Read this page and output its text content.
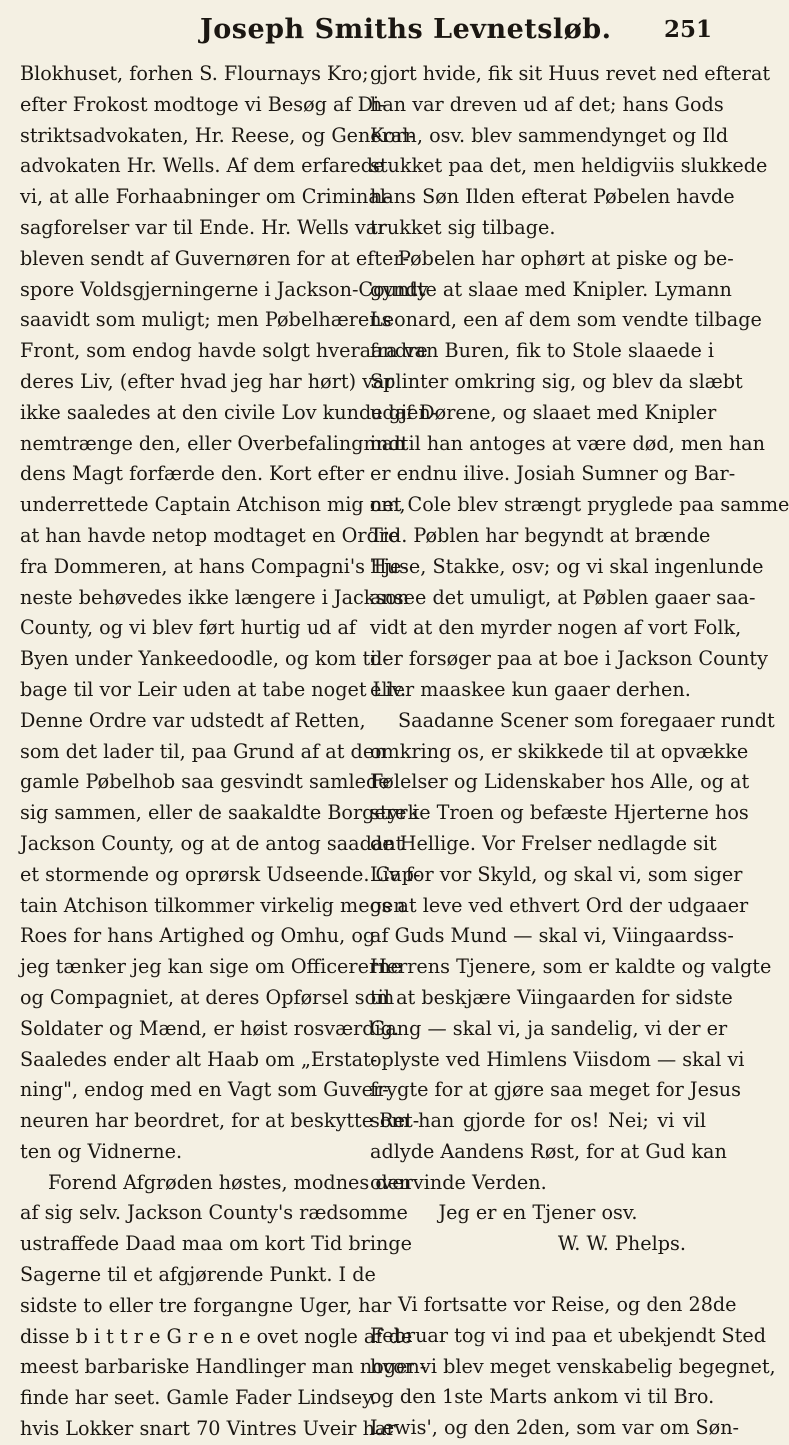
Joseph Smiths Levnetsløb. 251
Blokhuset, forhen S. Flournays Kro;
efter Frokost modtoge vi Besøg af Di-
striktsadvokaten, Hr. Reese, og General-
advokaten Hr. Wells. Af dem erfarede
vi, at alle Forhaabninger om Criminal-
sagforelser var til Ende. Hr. Wells var
bleven sendt af Guvernøren for at efter-
spore Voldsgjerningerne i Jackson-County
saavidt som muligt; men Pøbelhærens
Front, som endog havde solgt hveraandre
deres Liv, (efter hvad jeg har hørt) var
ikke saaledes at den civile Lov kunde gjen-
nemtrænge den, eller Overbefalingman
dens Magt forfærde den. Kort efter
underrettede Captain Atchison mig om,
at han havde netop modtaget en Ordre
fra Dommeren, at hans Compagni's Tje-
neste behøvedes ikke længere i Jackson
County, og vi blev ført hurtig ud af
Byen under Yankeedoodle, og kom til-
bage til vor Leir uden at tabe noget Liv.
Denne Ordre var udstedt af Retten,
som det lader til, paa Grund af at den
gamle Pøbelhob saa gesvindt samlede
sig sammen, eller de saakaldte Borgere i
Jackson County, og at de antog saadant
et stormende og oprørsk Udseende. Cap-
tain Atchison tilkommer virkelig megen
Roes for hans Artighed og Omhu, og
jeg tænker jeg kan sige om Officererne
og Compagniet, at deres Opførsel som
Soldater og Mænd, er høist rosværdig.
Saaledes ender alt Haab om „Erstat-
ning", endog med en Vagt som Guver-
neuren har beordret, for at beskytte Ret-
ten og Vidnerne.
Forend Afgrøden høstes, modnes den
af sig selv. Jackson County's rædsomme
ustraffede Daad maa om kort Tid bringe
Sagerne til et afgjørende Punkt. I de
sidste to eller tre forgangne Uger, har
disse b i t t r e G r e n e ovet nogle af de
meest barbariske Handlinger man nogen-
finde har seet. Gamle Fader Lindsey.
hvis Lokker snart 70 Vintres Uveir har
gjort hvide, fik sit Huus revet ned efterat
han var dreven ud af det; hans Gods
Korn, osv. blev sammendynget og Ild
stukket paa det, men heldigviis slukkede
hans Søn Ilden efterat Pøbelen havde
trukket sig tilbage.
Pøbelen har ophørt at piske og be-
gyndte at slaae med Knipler. Lymann
Leonard, een af dem som vendte tilbage
fra van Buren, fik to Stole slaaede i
Splinter omkring sig, og blev da slæbt
udaf Dørene, og slaaet med Knipler
indtil han antoges at være død, men han
er endnu ilive. Josiah Sumner og Bar-
net Cole blev strængt pryglede paa samme
Tid. Pøblen har begyndt at brænde
Huse, Stakke, osv; og vi skal ingenlunde
ansee det umuligt, at Pøblen gaaer saa-
vidt at den myrder nogen af vort Folk,
der forsøger paa at boe i Jackson County
eller maaskee kun gaaer derhen.
Saadanne Scener som foregaaer rundt
omkring os, er skikkede til at opvække
Følelser og Lidenskaber hos Alle, og at
styrke Troen og befæste Hjerterne hos
de Hellige. Vor Frelser nedlagde sit
Liv for vor Skyld, og skal vi, som siger
os at leve ved ethvert Ord der udgaaer
af Guds Mund — skal vi, Viingaardss-
Herrens Tjenere, som er kaldte og valgte
til at beskjære Viingaarden for sidste
Gang — skal vi, ja sandelig, vi der er
oplyste ved Himlens Viisdom — skal vi
frygte for at gjøre saa meget for Jesus
som han gjorde for os! Nei; vi vil
adlyde Aandens Røst, for at Gud kan
overvinde Verden.
Jeg er en Tjener osv.
W. W. Phelps.
Vi fortsatte vor Reise, og den 28de
Februar tog vi ind paa et ubekjendt Sted
hvor vi blev meget venskabelig begegnet,
og den 1ste Marts ankom vi til Bro.
Lewis', og den 2den, som var om Søn-
